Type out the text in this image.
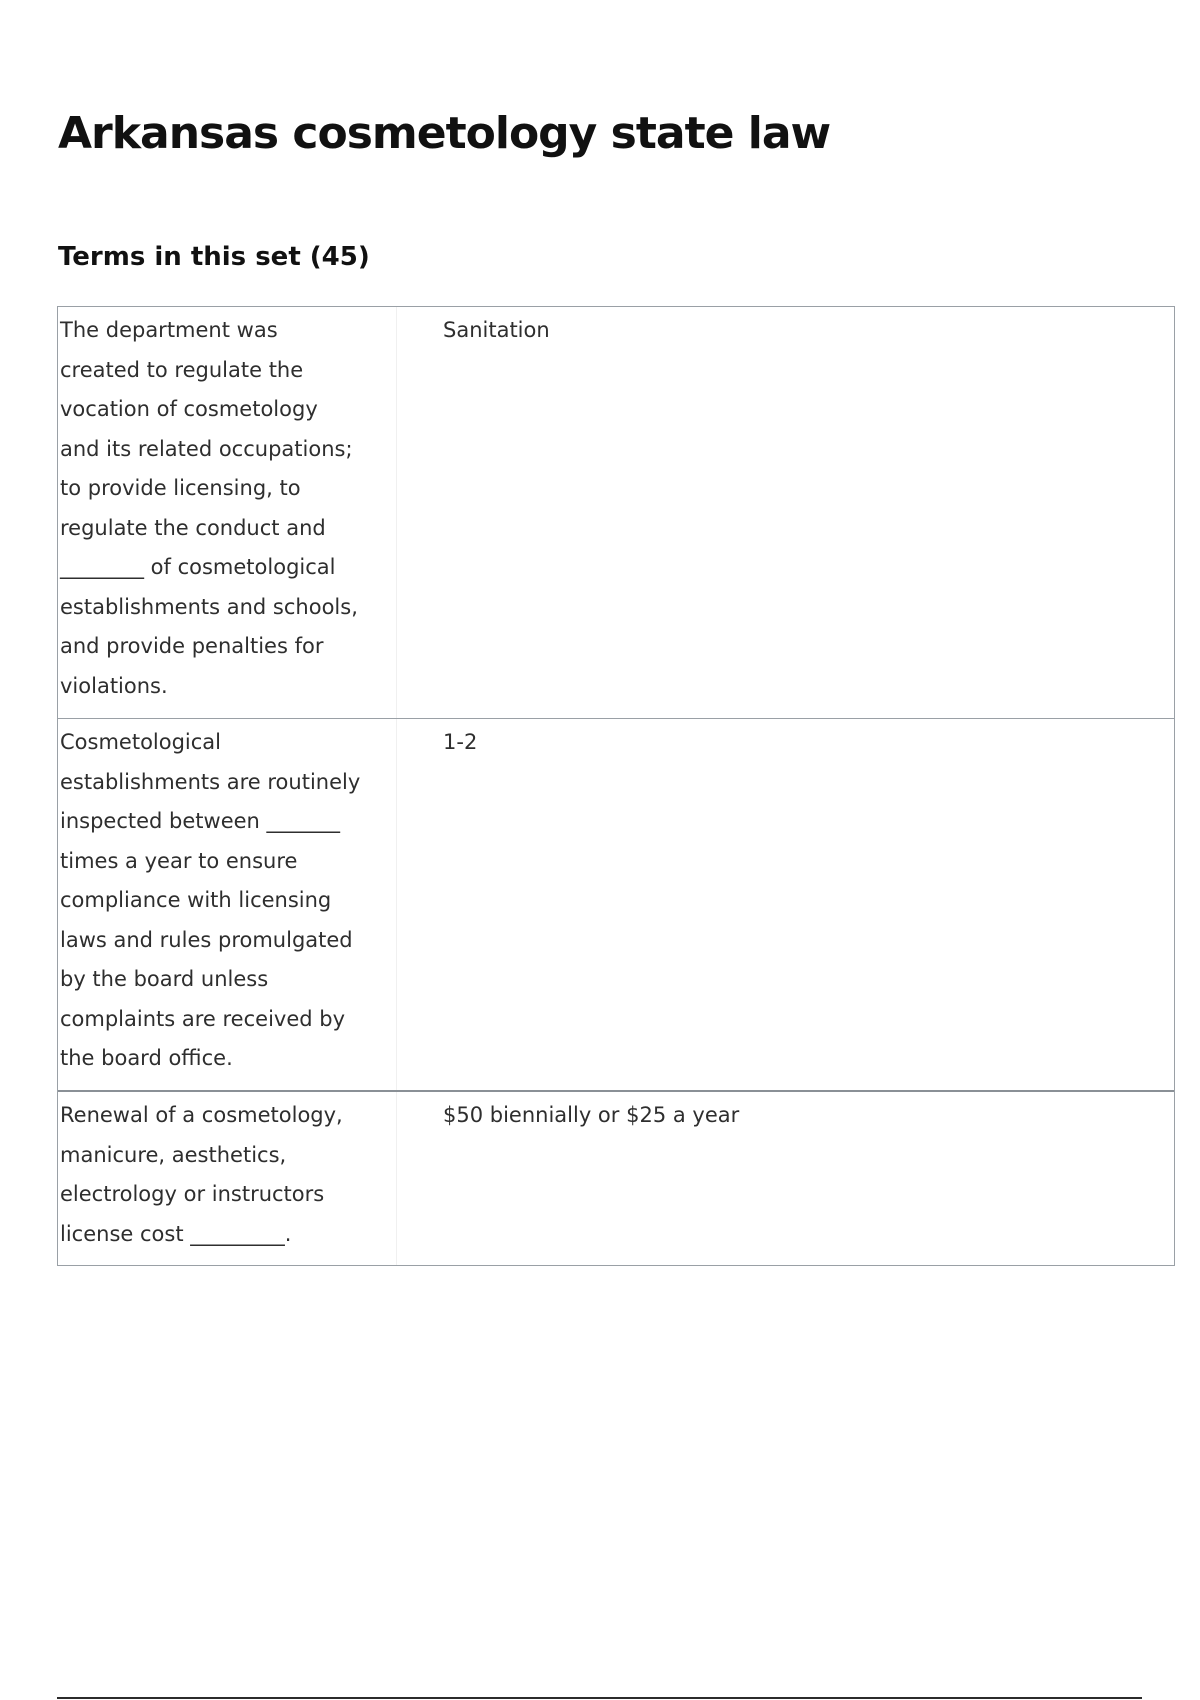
Arkansas cosmetology state law
Terms in this set (45)
The department was
created to regulate the
vocation of cosmetology
and its related occupations;
to provide licensing, to
regulate the conduct and
________ of cosmetological
establishments and schools,
and provide penalties for
violations.
Sanitation
Cosmetological
establishments are routinely
inspected between _______
times a year to ensure
compliance with licensing
laws and rules promulgated
by the board unless
complaints are received by
the board office.
1-2
Renewal of a cosmetology,
manicure, aesthetics,
electrology or instructors
license cost _________.
$50 biennially or $25 a year
